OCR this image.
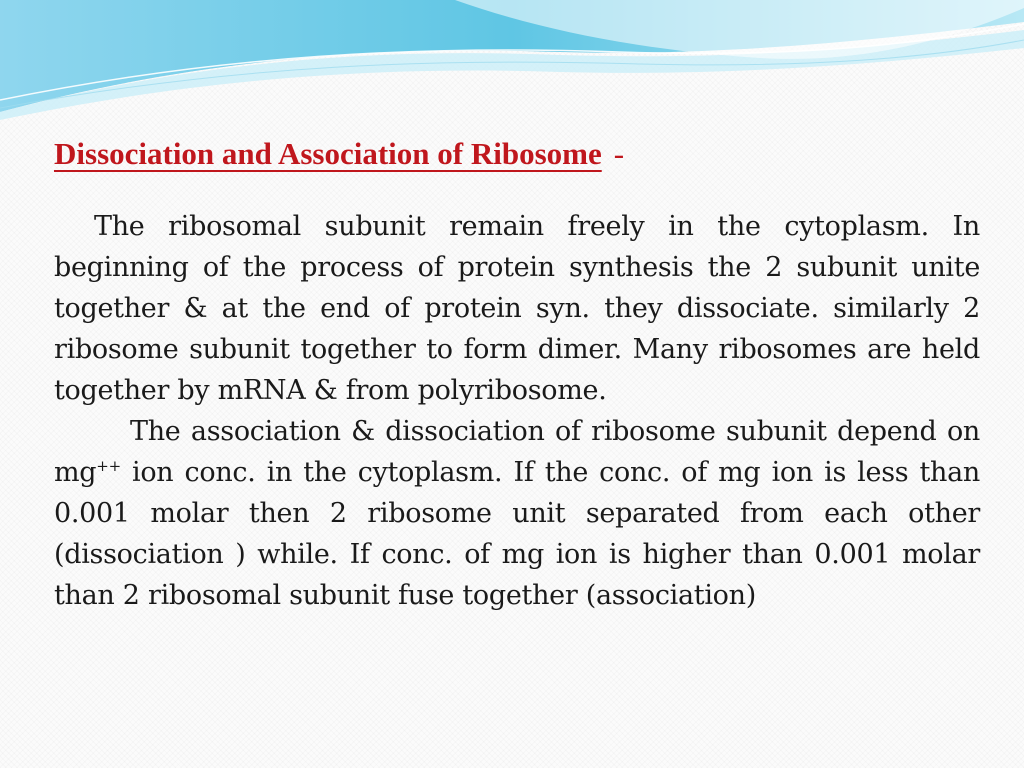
Dissociation and Association of Ribosome -

The ribosomal subunit remain freely in the cytoplasm. In beginning of the process of protein synthesis the 2 subunit unite together & at the end of protein syn. they dissociate. similarly 2 ribosome subunit together to form dimer. Many ribosomes are held together by mRNA & from polyribosome.
The association & dissociation of ribosome subunit depend on mg++ ion conc. in the cytoplasm. If the conc. of mg ion is less than 0.001 molar then 2 ribosome unit separated from each other (dissociation ) while. If conc. of mg ion is higher than 0.001 molar than 2 ribosomal subunit fuse together (association)
